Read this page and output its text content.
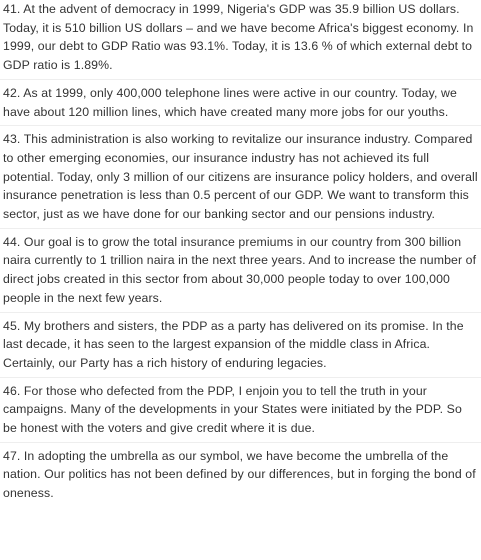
41. At the advent of democracy in 1999, Nigeria's GDP was 35.9 billion US dollars. Today, it is 510 billion US dollars – and we have become Africa's biggest economy. In 1999, our debt to GDP Ratio was 93.1%. Today, it is 13.6 % of which external debt to GDP ratio is 1.89%.

42. As at 1999, only 400,000 telephone lines were active in our country. Today, we have about 120 million lines, which have created many more jobs for our youths.

43. This administration is also working to revitalize our insurance industry. Compared to other emerging economies, our insurance industry has not achieved its full potential. Today, only 3 million of our citizens are insurance policy holders, and overall insurance penetration is less than 0.5 percent of our GDP. We want to transform this sector, just as we have done for our banking sector and our pensions industry.

44. Our goal is to grow the total insurance premiums in our country from 300 billion naira currently to 1 trillion naira in the next three years. And to increase the number of direct jobs created in this sector from about 30,000 people today to over 100,000 people in the next few years.

45. My brothers and sisters, the PDP as a party has delivered on its promise. In the last decade, it has seen to the largest expansion of the middle class in Africa. Certainly, our Party has a rich history of enduring legacies.

46. For those who defected from the PDP, I enjoin you to tell the truth in your campaigns. Many of the developments in your States were initiated by the PDP. So be honest with the voters and give credit where it is due.

47. In adopting the umbrella as our symbol, we have become the umbrella of the nation. Our politics has not been defined by our differences, but in forging the bond of oneness.
